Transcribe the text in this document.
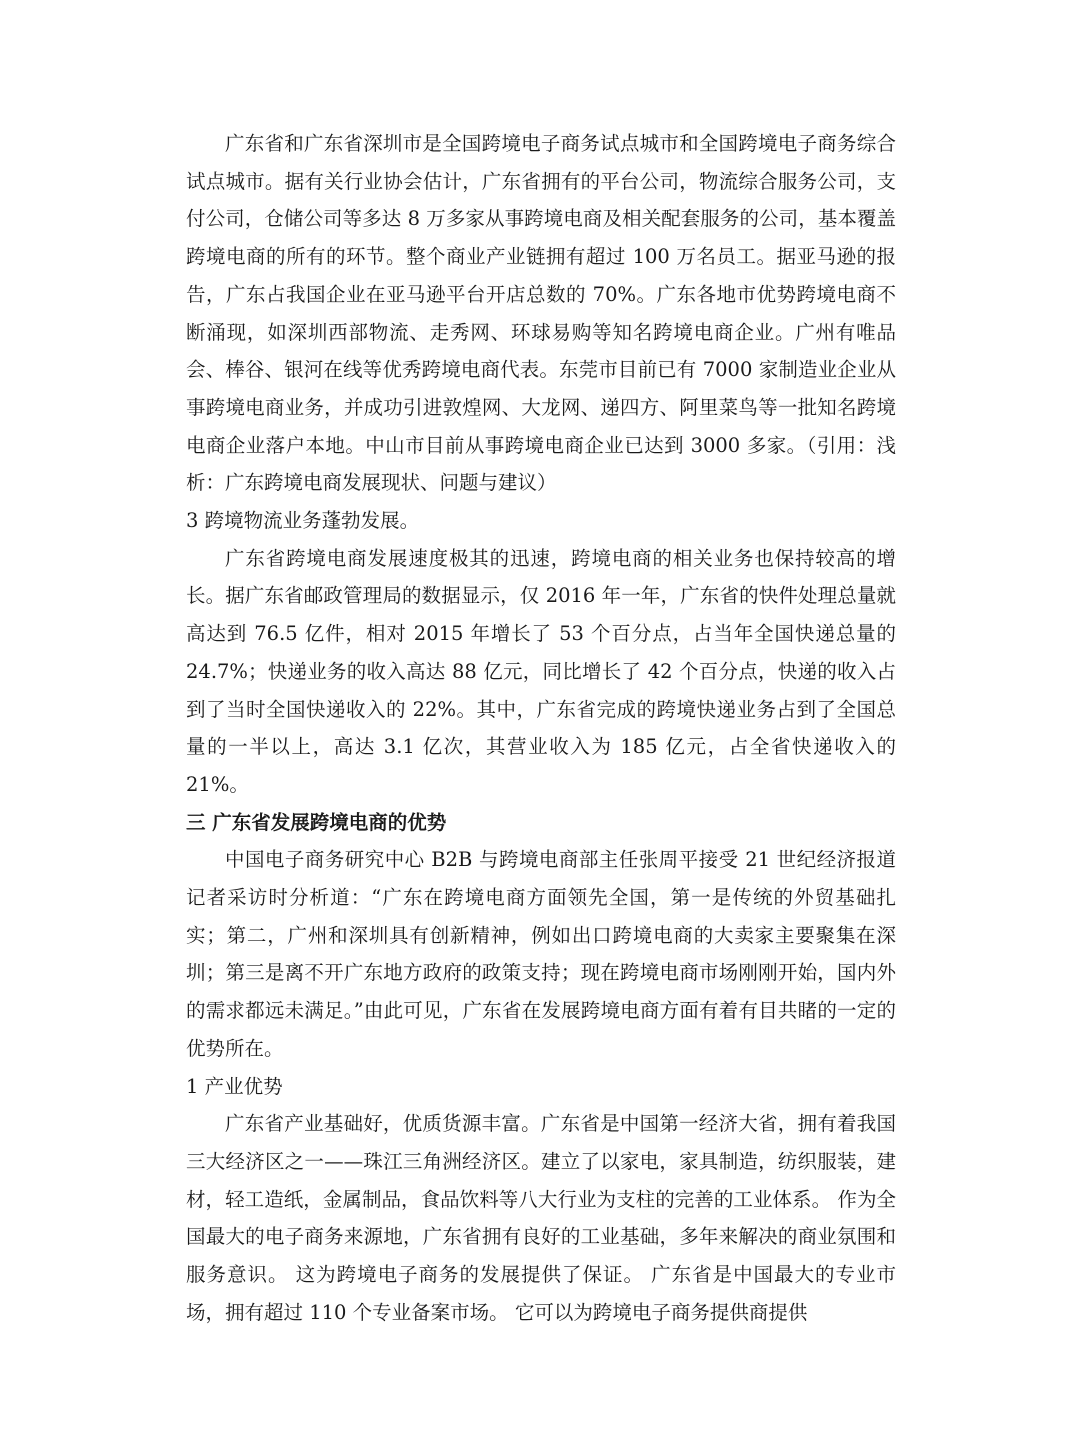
广东省和广东省深圳市是全国跨境电子商务试点城市和全国跨境电子商务综合试点城市。据有关行业协会估计，广东省拥有的平台公司，物流综合服务公司，支付公司，仓储公司等多达 8 万多家从事跨境电商及相关配套服务的公司，基本覆盖跨境电商的所有的环节。整个商业产业链拥有超过 100 万名员工。据亚马逊的报告，广东占我国企业在亚马逊平台开店总数的 70%。广东各地市优势跨境电商不断涌现，如深圳西部物流、走秀网、环球易购等知名跨境电商企业。广州有唯品会、棒谷、银河在线等优秀跨境电商代表。东莞市目前已有 7000 家制造业企业从事跨境电商业务，并成功引进敦煌网、大龙网、递四方、阿里菜鸟等一批知名跨境电商企业落户本地。中山市目前从事跨境电商企业已达到 3000 多家。（引用：浅析：广东跨境电商发展现状、问题与建议）

3 跨境物流业务蓬勃发展。

广东省跨境电商发展速度极其的迅速，跨境电商的相关业务也保持较高的增长。据广东省邮政管理局的数据显示，仅 2016 年一年，广东省的快件处理总量就高达到 76.5 亿件，相对 2015 年增长了 53 个百分点，占当年全国快递总量的 24.7%；快递业务的收入高达 88 亿元，同比增长了 42 个百分点，快递的收入占到了当时全国快递收入的 22%。其中，广东省完成的跨境快递业务占到了全国总量的一半以上，高达 3.1 亿次，其营业收入为 185 亿元，占全省快递收入的 21%。

三 广东省发展跨境电商的优势

中国电子商务研究中心 B2B 与跨境电商部主任张周平接受 21 世纪经济报道记者采访时分析道：“广东在跨境电商方面领先全国，第一是传统的外贸基础扎实；第二，广州和深圳具有创新精神，例如出口跨境电商的大卖家主要聚集在深圳；第三是离不开广东地方政府的政策支持；现在跨境电商市场刚刚开始，国内外的需求都远未满足。”由此可见，广东省在发展跨境电商方面有着有目共睹的一定的优势所在。

1 产业优势

广东省产业基础好，优质货源丰富。广东省是中国第一经济大省，拥有着我国三大经济区之一——珠江三角洲经济区。建立了以家电，家具制造，纺织服装，建材，轻工造纸，金属制品，食品饮料等八大行业为支柱的完善的工业体系。 作为全国最大的电子商务来源地，广东省拥有良好的工业基础，多年来解决的商业氛围和服务意识。 这为跨境电子商务的发展提供了保证。 广东省是中国最大的专业市场，拥有超过 110 个专业备案市场。 它可以为跨境电子商务提供商提供
